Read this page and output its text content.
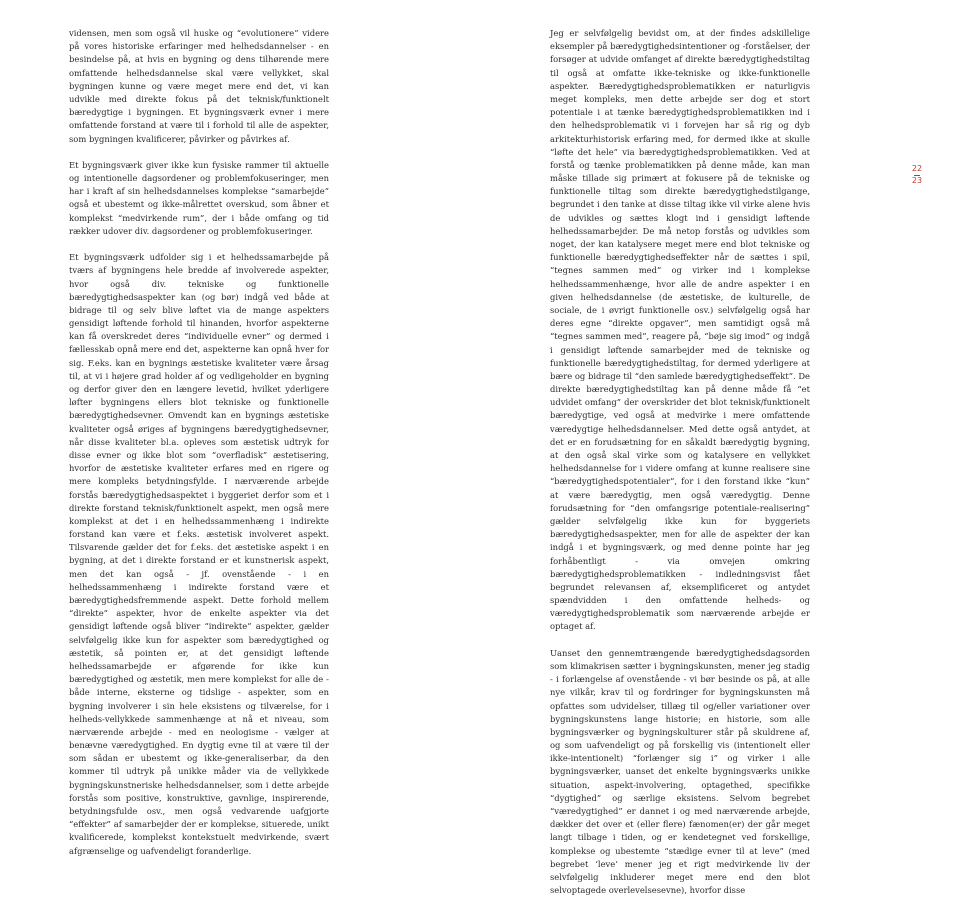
vidensen, men som også vil huske og “evolutionere” videre på vores historiske erfaringer med helhedsdannelser - en besindelse på, at hvis en bygning og dens tilhørende mere omfattende helhedsdannelse skal være vellykket, skal bygningen kunne og være meget mere end det, vi kan udvikle med direkte fokus på det teknisk/funktionelt bæredygtige i bygningen. Et bygningsværk evner i mere omfattende forstand at være til i forhold til alle de aspekter, som bygningen kvalificerer, påvirker og påvirkes af.

Et bygningsværk giver ikke kun fysiske rammer til aktuelle og intentionelle dagsordener og problemfokuseringer, men har i kraft af sin helhedsdannelses komplekse “samarbejde” også et ubestemt og ikke-målrettet overskud, som åbner et komplekst “medvirkende rum”, der i både omfang og tid rækker udover div. dagsordener og problemfokuseringer.

Et bygningsværk udfolder sig i et helhedssamarbejde på tværs af bygningens hele bredde af involverede aspekter, hvor også div. tekniske og funktionelle bæredygtighedsaspekter kan (og bør) indgå ved både at bidrage til og selv blive løftet via de mange aspekters gensidigt løftende forhold til hinanden, hvorfor aspekterne kan få overskredet deres “individuelle evner” og dermed i fællesskab opnå mere end det, aspekterne kan opnå hver for sig. F.eks. kan en bygnings æstetiske kvaliteter være årsag til, at vi i højere grad holder af og vedligeholder en bygning og derfor giver den en længere levetid, hvilket yderligere løfter bygningens ellers blot tekniske og funktionelle bæredygtighedsevner. Omvendt kan en bygnings æstetiske kvaliteter også øriges af bygningens bæredygtighedsevner, når disse kvaliteter bl.a. opleves som æstetisk udtryk for disse evner og ikke blot som “overfladisk” æstetisering, hvorfor de æstetiske kvaliteter erfares med en rigere og mere kompleks betydningsfylde. I nærværende arbejde forstås bæredygtighedsaspektet i byggeriet derfor som et i direkte forstand teknisk/funktionelt aspekt, men også mere komplekst at det i en helhedssammenhæng i indirekte forstand kan være et f.eks. æstetisk involveret aspekt. Tilsvarende gælder det for f.eks. det æstetiske aspekt i en bygning, at det i direkte forstand er et kunstnerisk aspekt, men det kan også - jf. ovenstående - i en helhedssammenhæng i indirekte forstand være et bæredygtighedsfremmende aspekt. Dette forhold mellem “direkte” aspekter, hvor de enkelte aspekter via det gensidigt løftende også bliver “indirekte” aspekter, gælder selvfølgelig ikke kun for aspekter som bæredygtighed og æstetik, så pointen er, at det gensidigt løftende helhedssamarbejde er afgørende for ikke kun bæredygtighed og æstetik, men mere komplekst for alle de - både interne, eksterne og tidslige - aspekter, som en bygning involverer i sin hele eksistens og tilværelse, for i helheds-vellykkede sammenhænge at nå et niveau, som nærværende arbejde - med en neologisme - vælger at benævne væredygtighed. En dygtig evne til at være til der som sådan er ubestemt og ikke-generaliserbar, da den kommer til udtryk på unikke måder via de vellykkede bygningskunstneriske helhedsdannelser, som i dette arbejde forstås som positive, konstruktive, gavnlige, inspirerende, betydningsfulde osv., men også vedvarende uafgjorte “effekter” af samarbejder der er komplekse, situerede, unikt kvalificerede, komplekst kontekstuelt medvirkende, svært afgrænselige og uafvendeligt foranderlige.

Jeg er selvfølgelig bevidst om, at der findes adskillelige eksempler på bæredygtighedsintentioner og -forståelser, der forsøger at udvide omfanget af direkte bæredygtighedstiltag til også at omfatte ikke-tekniske og ikke-funktionelle aspekter. Bæredygtighedsproblematikken er naturligvis meget kompleks, men dette arbejde ser dog et stort potentiale i at tænke bæredygtighedsproblematikken ind i den helhedsproblematik vi i forvejen har så rig og dyb arkitekturhistorisk erfaring med, for dermed ikke at skulle “løfte det hele” via bæredygtighedsproblematikken. Ved at forstå og tænke problematikken på denne måde, kan man måske tillade sig primært at fokusere på de tekniske og funktionelle tiltag som direkte bæredygtighedstilgange, begrundet i den tanke at disse tiltag ikke vil virke alene hvis de udvikles og sættes klogt ind i gensidigt løftende helhedssamarbejder. De må netop forstås og udvikles som noget, der kan katalysere meget mere end blot tekniske og funktionelle bæredygtighedseffekter når de sættes i spil, “tegnes sammen med” og virker ind i komplekse helhedssammenhænge, hvor alle de andre aspekter i en given helhedsdannelse (de æstetiske, de kulturelle, de sociale, de i øvrigt funktionelle osv.) selvfølgelig også har deres egne “direkte opgaver”, men samtidigt også må “tegnes sammen med”, reagere på, “bøje sig imod” og indgå i gensidigt løftende samarbejder med de tekniske og funktionelle bæredygtighedstiltag, for dermed yderligere at bære og bidrage til “den samlede bæredygtighedseffekt”. De direkte bæredygtighedstiltag kan på denne måde få “et udvidet omfang” der overskrider det blot teknisk/funktionelt bæredygtige, ved også at medvirke i mere omfattende væredygtige helhedsdannelser. Med dette også antydet, at det er en forudsætning for en såkaldt bæredygtig bygning, at den også skal virke som og katalysere en vellykket helhedsdannelse for i videre omfang at kunne realisere sine “bæredygtighedspotentialer”, for i den forstand ikke “kun” at være bæredygtig, men også væredygtig. Denne forudsætning for “den omfangsrige potentiale-realisering” gælder selvfølgelig ikke kun for byggeriets bæredygtighedsaspekter, men for alle de aspekter der kan indgå i et bygningsværk, og med denne pointe har jeg forhåbentligt - via omvejen omkring bæredygtighedsproblematikken - indledningsvist fået begrundet relevansen af, eksemplificeret og antydet spændvidden i den omfattende helheds- og væredygtighedsproblematik som nærværende arbejde er optaget af.

Uanset den gennemtrængende bæredygtighedsdagsorden som klimakrisen sætter i bygningskunsten, mener jeg stadig - i forlængelse af ovenstående - vi bør besinde os på, at alle nye vilkår, krav til og fordringer for bygningskunsten må opfattes som udvidelser, tillæg til og/eller variationer over bygningskunstens lange historie; en historie, som alle bygningsværker og bygningskulturer står på skuldrene af, og som uafvendeligt og på forskellig vis (intentionelt eller ikke-intentionelt) “forlænger sig i” og virker i alle bygningsværker, uanset det enkelte bygningsværks unikke situation, aspekt-involvering, optagethed, specifikke “dygtighed” og særlige eksistens. Selvom begrebet “væredygtighed” er dannet i og med nærværende arbejde, dækker det over et (eller flere) fænomen(er) der går meget langt tilbage i tiden, og er kendetegnet ved forskellige, komplekse og ubestemte “stædige evner til at leve” (med begrebet ‘leve’ mener jeg et rigt medvirkende liv der selvfølgelig inkluderer meget mere end den blot selvoptagede overlevelsesevne), hvorfor disse

22
23
